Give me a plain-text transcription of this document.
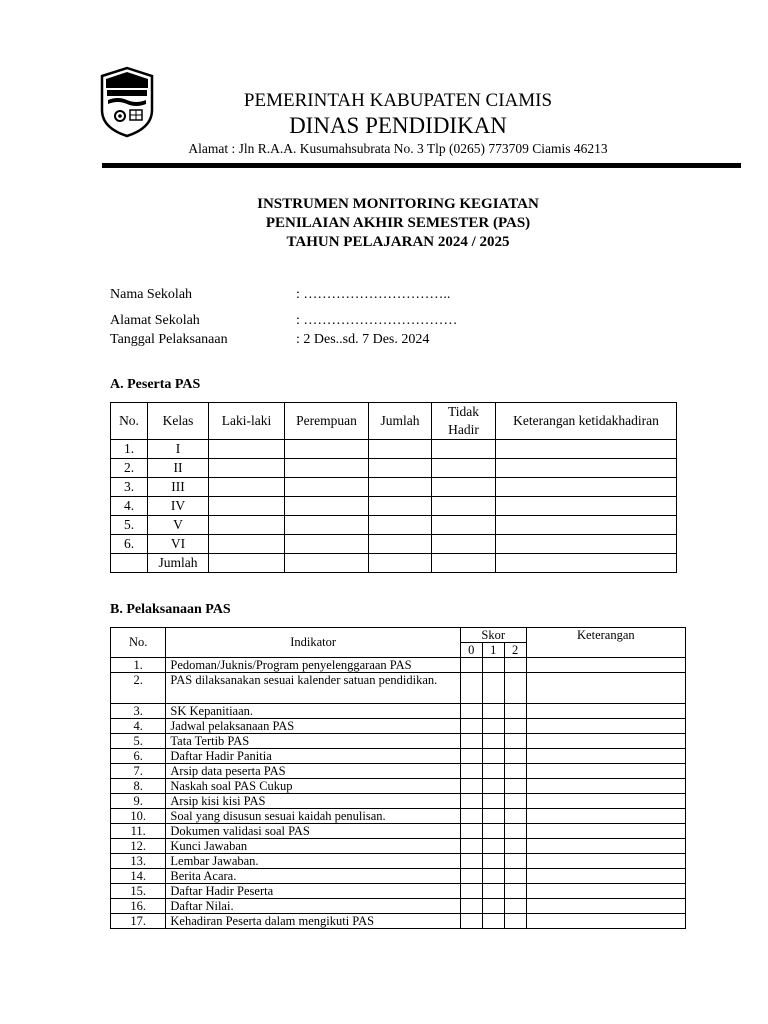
PEMERINTAH KABUPATEN CIAMIS
DINAS PENDIDIKAN
Alamat : Jln R.A.A. Kusumahsubrata No. 3 Tlp (0265) 773709 Ciamis 46213
INSTRUMEN MONITORING KEGIATAN
PENILAIAN AKHIR SEMESTER (PAS)
TAHUN PELAJARAN 2024 / 2025
Nama Sekolah	: …………………………..
Alamat Sekolah	: ……………………………
Tanggal Pelaksanaan	: 2 Des..sd. 7 Des. 2024
A. Peserta PAS
No.	Kelas	Laki-laki	Perempuan	Jumlah	Tidak Hadir	Keterangan ketidakhadiran
1.	I					
2.	II					
3.	III					
4.	IV					
5.	V					
6.	VI					
	Jumlah					
B. Pelaksanaan PAS
No.	Indikator	Skor			Keterangan
		0	1	2	
1.	Pedoman/Juknis/Program penyelenggaraan PAS				
2.	PAS dilaksanakan sesuai kalender satuan pendidikan.				
3.	SK Kepanitiaan.				
4.	Jadwal pelaksanaan PAS				
5.	Tata Tertib PAS				
6.	Daftar Hadir Panitia				
7.	Arsip data peserta PAS				
8.	Naskah soal PAS Cukup				
9.	Arsip kisi kisi PAS				
10.	Soal yang disusun sesuai kaidah penulisan.				
11.	Dokumen validasi soal PAS				
12.	Kunci Jawaban				
13.	Lembar Jawaban.				
14.	Berita Acara.				
15.	Daftar Hadir Peserta				
16.	Daftar Nilai.				
17.	Kehadiran Peserta dalam mengikuti PAS				
